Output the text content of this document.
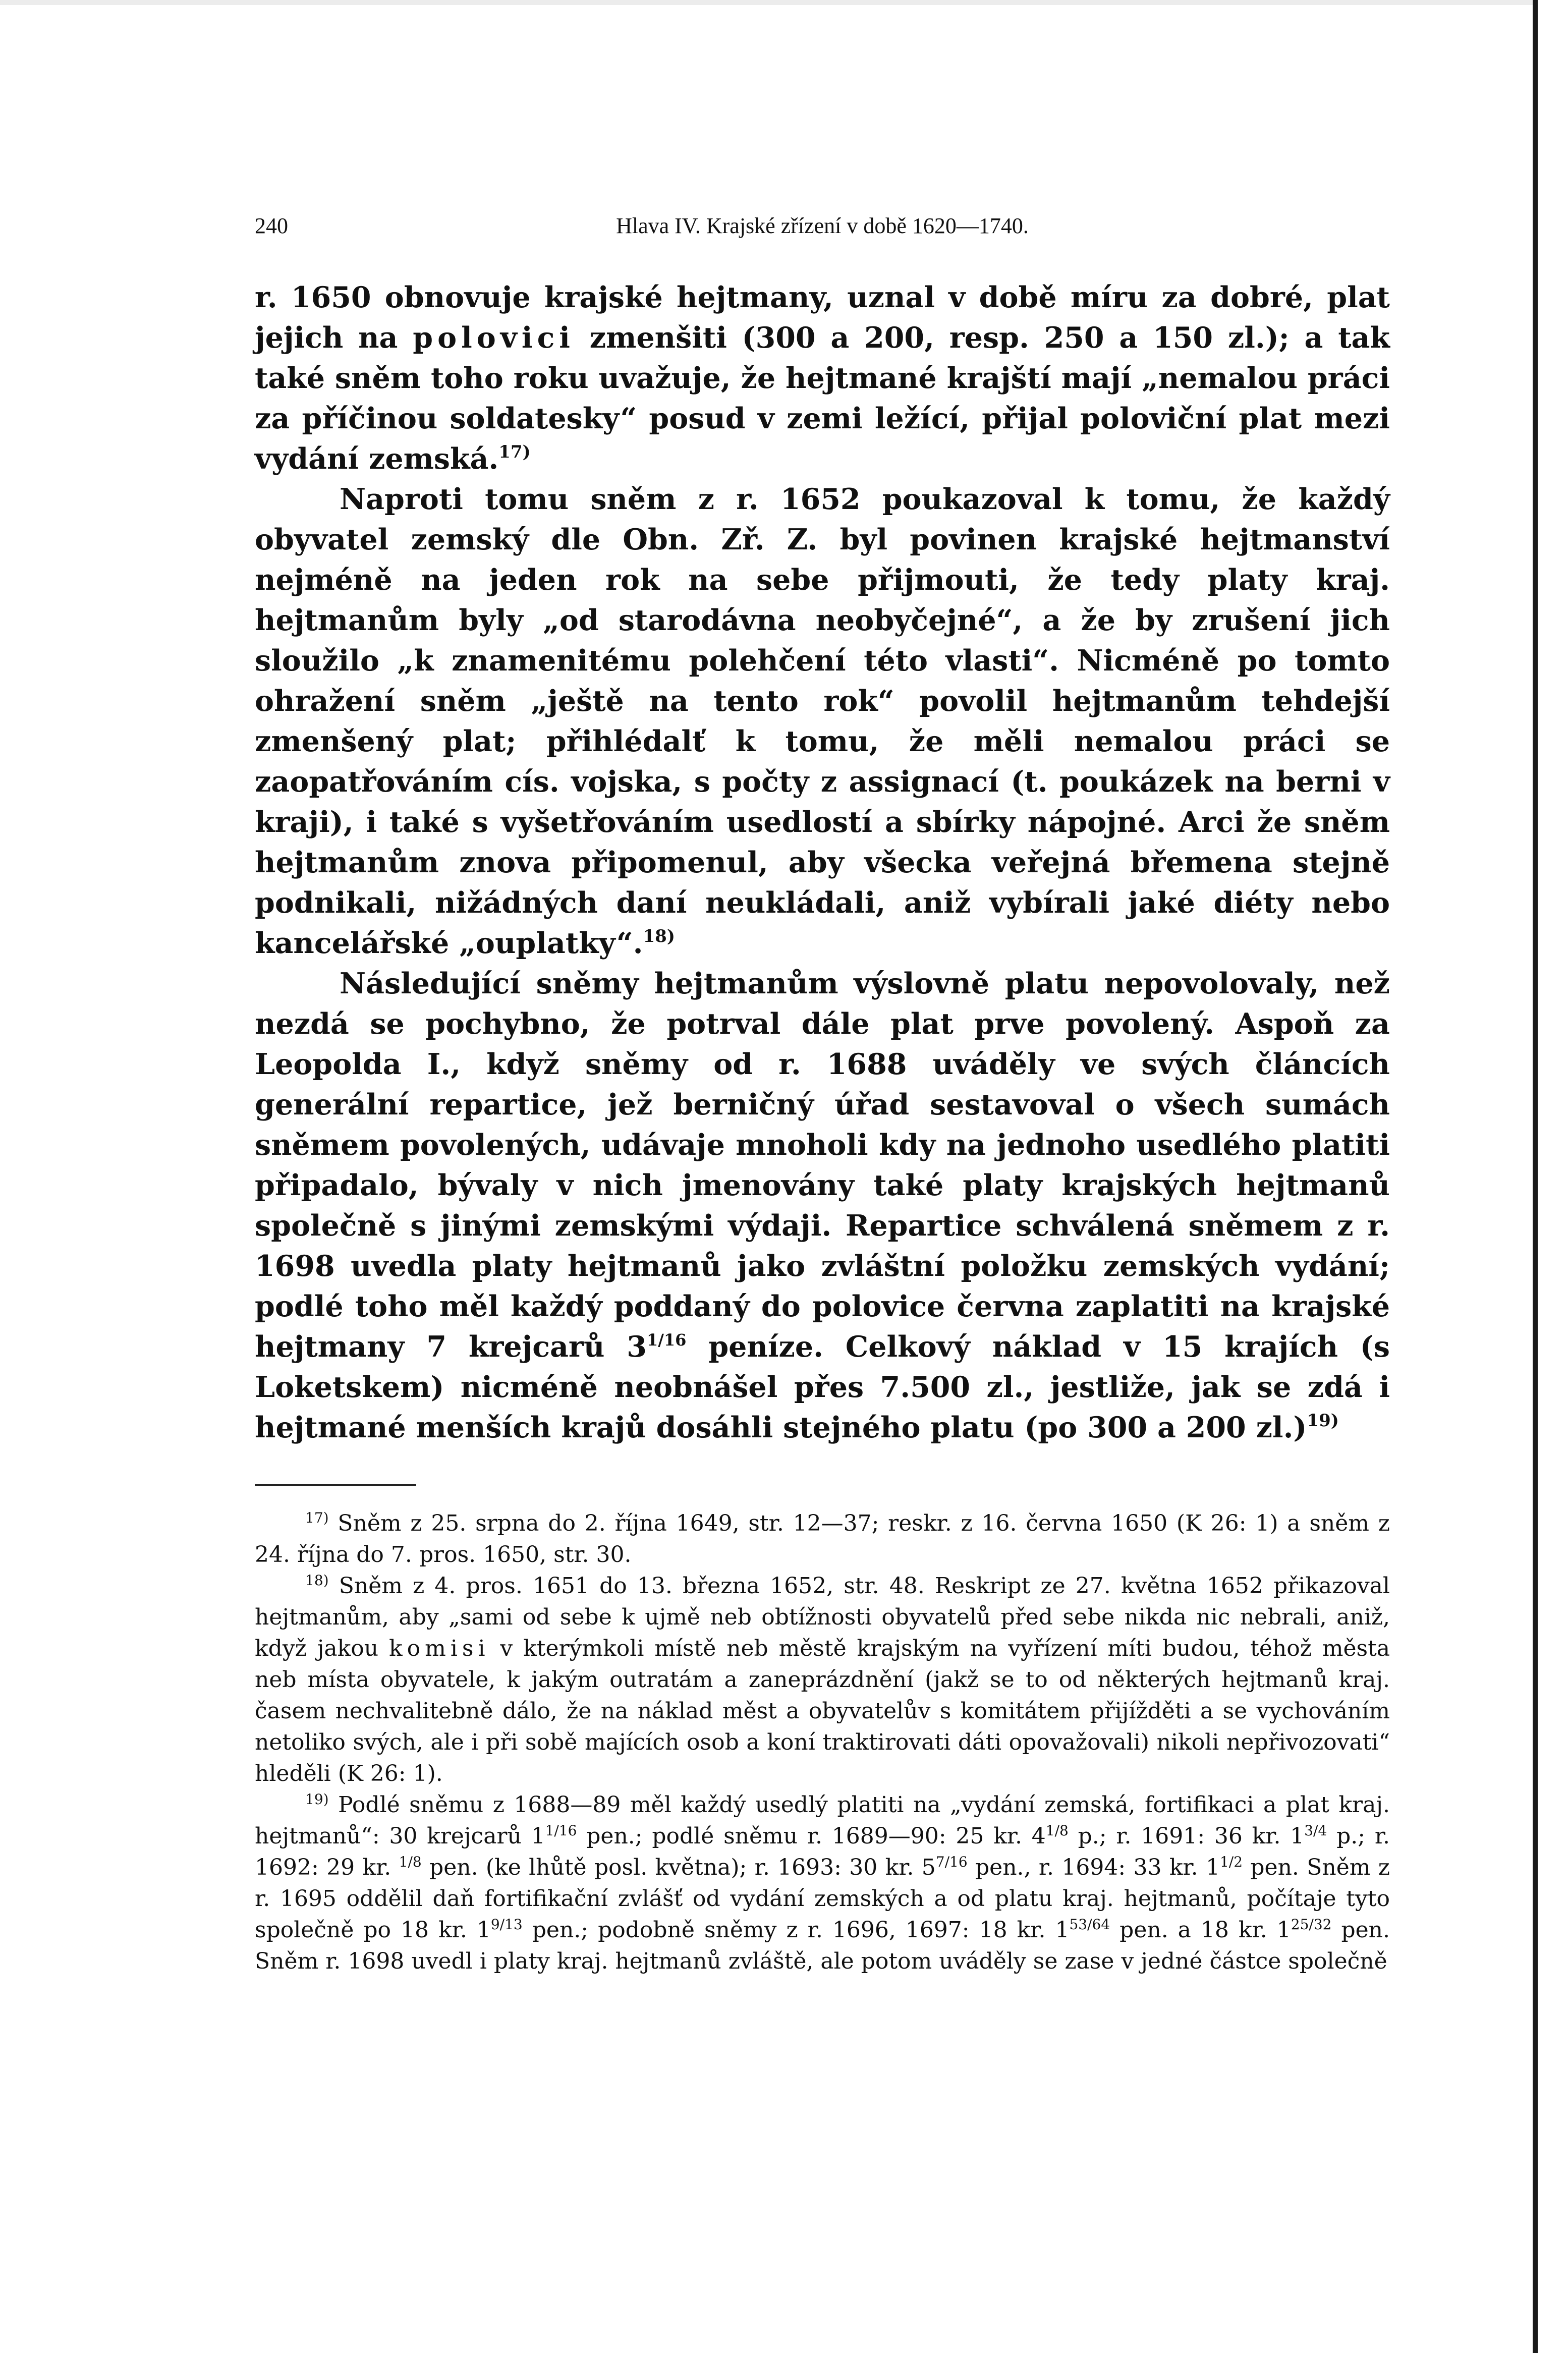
240	Hlava IV. Krajské zřízení v době 1620—1740.

r. 1650 obnovuje krajské hejtmany, uznal v době míru za dobré, plat jejich na polovici zmenšiti (300 a 200, resp. 250 a 150 zl.); a tak také sněm toho roku uvažuje, že hejtmané krajští mají „nemalou práci za příčinou soldatesky“ posud v zemi ležící, přijal poloviční plat mezi vydání zemská.$^{17)}$

Naproti tomu sněm z r. 1652 poukazoval k tomu, že každý obyvatel zemský dle Obn. Zř. Z. byl povinen krajské hejtmanství nejméně na jeden rok na sebe přijmouti, že tedy platy kraj. hejtmanům byly „od starodávna neobyčejné“, a že by zrušení jich sloužilo „k znamenitému polehčení této vlasti“. Nicméně po tomto ohražení sněm „ještě na tento rok“ povolil hejtmanům tehdejší zmenšený plat; přihlédalť k tomu, že měli nemalou práci se zaopatřováním cís. vojska, s počty z assignací (t. poukázek na berni v kraji), i také s vyšetřováním usedlostí a sbírky nápojné. Arci že sněm hejtmanům znova připomenul, aby všecka veřejná břemena stejně podnikali, nižádných daní neukládali, aniž vybírali jaké diéty nebo kancelářské „ouplatky“.$^{18)}$

Následující sněmy hejtmanům výslovně platu nepovolovaly, než nezdá se pochybno, že potrval dále plat prve povolený. Aspoň za Leopolda I., když sněmy od r. 1688 uváděly ve svých článcích generální repartice, jež berničný úřad sestavoval o všech sumách sněmem povolených, udávaje mnoholi kdy na jednoho usedlého platiti připadalo, bývaly v nich jmenovány také platy krajských hejtmanů společně s jinými zemskými výdaji. Repartice schválená sněmem z r. 1698 uvedla platy hejtmanů jako zvláštní položku zemských vydání; podlé toho měl každý poddaný do polovice června zaplatiti na krajské hejtmany 7 krejcarů $3^{1/16}$ peníze. Celkový náklad v 15 krajích (s Loketskem) nicméně neobnášel přes 7.500 zl., jestliže, jak se zdá i hejtmané menších krajů dosáhli stejného platu (po 300 a 200 zl.)$^{19)}$

$^{17)}$ Sněm z 25. srpna do 2. října 1649, str. 12—37; reskr. z 16. června 1650 (K 26: 1) a sněm z 24. října do 7. pros. 1650, str. 30.

$^{18)}$ Sněm z 4. pros. 1651 do 13. března 1652, str. 48. Reskript ze 27. května 1652 přikazoval hejtmanům, aby „sami od sebe k ujmě neb obtížnosti obyvatelů před sebe nikda nic nebrali, aniž, když jakou komisi v kterýmkoli místě neb městě krajským na vyřízení míti budou, téhož města neb místa obyvatele, k jakým outratám a zaneprázdnění (jakž se to od některých hejtmanů kraj. časem nechvalitebně dálo, že na náklad měst a obyvatelův s komitátem přijížděti a se vychováním netoliko svých, ale i při sobě majících osob a koní traktirovati dáti opovažovali) nikoli nepřivozovati“ hleděli (K 26: 1).

$^{19)}$ Podlé sněmu z 1688—89 měl každý usedlý platiti na „vydání zemská, fortifikaci a plat kraj. hejtmanů“: 30 krejcarů $1^{1/16}$ pen.; podlé sněmu r. 1689—90: 25 kr. $4^{1/8}$ p.; r. 1691: 36 kr. $1^{3/4}$ p.; r. 1692: 29 kr. $^{1/8}$ pen. (ke lhůtě posl. května); r. 1693: 30 kr. $5^{7/16}$ pen., r. 1694: 33 kr. $1^{1/2}$ pen. Sněm z r. 1695 oddělil daň fortifikační zvlášť od vydání zemských a od platu kraj. hejtmanů, počítaje tyto společně po 18 kr. $1^{9/13}$ pen.; podobně sněmy z r. 1696, 1697: 18 kr. $1^{53/64}$ pen. a 18 kr. $1^{25/32}$ pen. Sněm r. 1698 uvedl i platy kraj. hejtmanů zvláště, ale potom uváděly se zase v jedné částce společně
